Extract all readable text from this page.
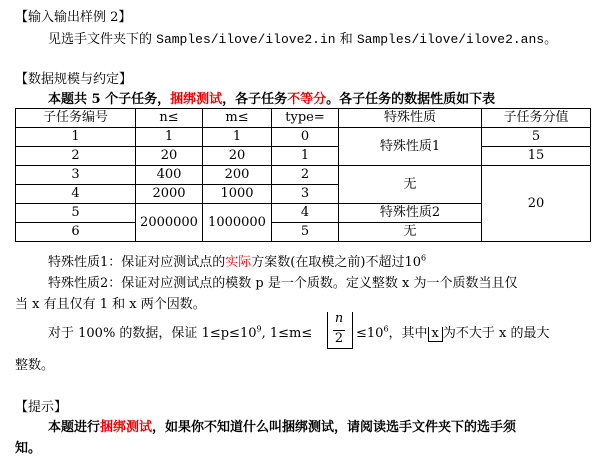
【输入输出样例 2】
见选手文件夹下的 Samples/ilove/ilove2.in 和 Samples/ilove/ilove2.ans。
【数据规模与约定】
本题共 5 个子任务，捆绑测试，各子任务不等分。各子任务的数据性质如下表
子任务编号	n≤	m≤	type=	特殊性质	子任务分值
1	1	1	0	特殊性质1	5
2	20	20	1		15
3	400	200	2	无	20
4	2000	1000	3		
5	2000000	1000000	4	特殊性质2	
6			5	无	
特殊性质1：保证对应测试点的实际方案数(在取模之前)不超过$10^6$
特殊性质2：保证对应测试点的模数 p 是一个质数。定义整数 x 为一个质数当且仅
当 x 有且仅有 1 和 x 两个因数。
对于 100% 的数据，保证 $1\le p\le 10^9$, 1≤m≤
n
$2 \le 10^6$，其中 x 为不大于 x 的最大
整数。
【提示】
本题进行捆绑测试，如果你不知道什么叫捆绑测试，请阅读选手文件夹下的选手须
知。
